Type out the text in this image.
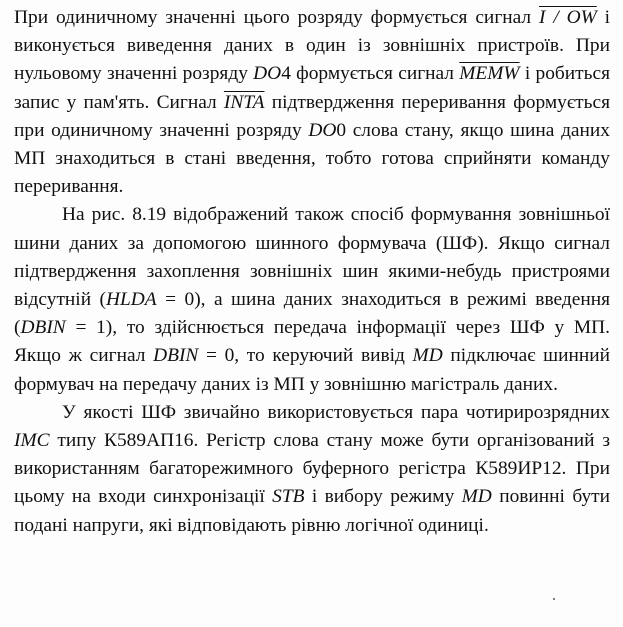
При одиничному значенні цього розряду формується сигнал I / OW і виконується виведення даних в один із зовнішніх пристроїв. При нульовому значенні розряду DO4 формується сигнал MEMW і робиться запис у пам'ять. Сигнал INTA підтвердження переривання формується при одиничному значенні розряду DO0 слова стану, якщо шина даних МП знаходиться в стані введення, тобто готова сприйняти команду переривання.

На рис. 8.19 відображений також спосіб формування зовнішньої шини даних за допомогою шинного формувача (ШФ). Якщо сигнал підтвердження захоплення зовнішніх шин якими-небудь пристроями відсутній (HLDA = 0), а шина даних знаходиться в режимі введення (DBIN = 1), то здійснюється передача інформації через ШФ у МП. Якщо ж сигнал DBIN = 0, то керуючий вивід MD підключає шинний формувач на передачу даних із МП у зовнішню магістраль даних.

У якості ШФ звичайно використовується пара чотирирозрядних IMC типу К589АП16. Регістр слова стану може бути організований з використанням багаторежимного буферного регістра К589ИР12. При цьому на входи синхронізації STB і вибору режиму MD повинні бути подані напруги, які відповідають рівню логічної одиниці.
